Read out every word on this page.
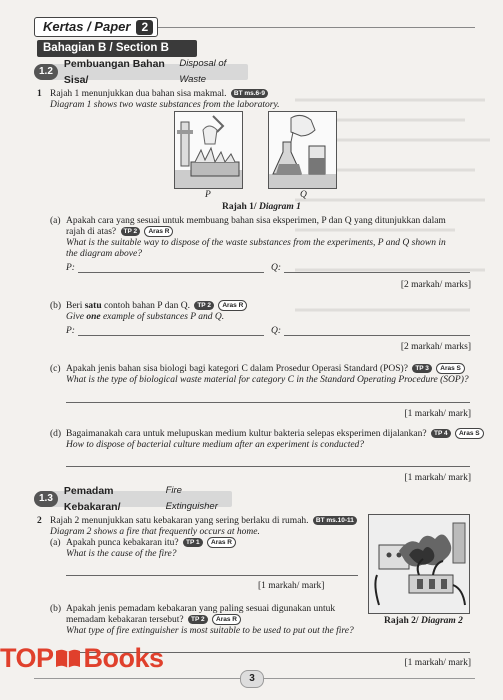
Kertas / Paper 2
Bahagian B / Section B
1.2
Pembuangan Bahan Sisa/
Disposal of Waste
1 Rajah 1 menunjukkan dua bahan sisa makmal. BT ms.6-9
Diagram 1 shows two waste substances from the laboratory.
P	Q
Rajah 1/ Diagram 1
(a) Apakah cara yang sesuai untuk membuang bahan sisa eksperimen, P dan Q yang ditunjukkan dalam
rajah di atas? TP 2 Aras R
What is the suitable way to dispose of the waste substances from the experiments, P and Q shown in
the diagram above?
P:	Q:
[2 markah/ marks]
(b) Beri satu contoh bahan P dan Q. TP 2 Aras R
Give one example of substances P and Q.
P:	Q:
[2 markah/ marks]
(c) Apakah jenis bahan sisa biologi bagi kategori C dalam Prosedur Operasi Standard (POS)? TP 3 Aras S
What is the type of biological waste material for category C in the Standard Operating Procedure (SOP)?
[1 markah/ mark]
(d) Bagaimanakah cara untuk melupuskan medium kultur bakteria selepas eksperimen dijalankan? TP 4 Aras S
How to dispose of bacterial culture medium after an experiment is conducted?
[1 markah/ mark]
1.3
Pemadam Kebakaran/
Fire Extinguisher
2 Rajah 2 menunjukkan satu kebakaran yang sering berlaku di rumah. BT ms.10-11
Diagram 2 shows a fire that frequently occurs at home.
(a) Apakah punca kebakaran itu? TP 1 Aras R
What is the cause of the fire?
[1 markah/ mark]
Rajah 2/ Diagram 2
(b) Apakah jenis pemadam kebakaran yang paling sesuai digunakan untuk
memadam kebakaran tersebut? TP 2 Aras R
What type of fire extinguisher is most suitable to be used to put out the fire?
[1 markah/ mark]
3
TOP Books
